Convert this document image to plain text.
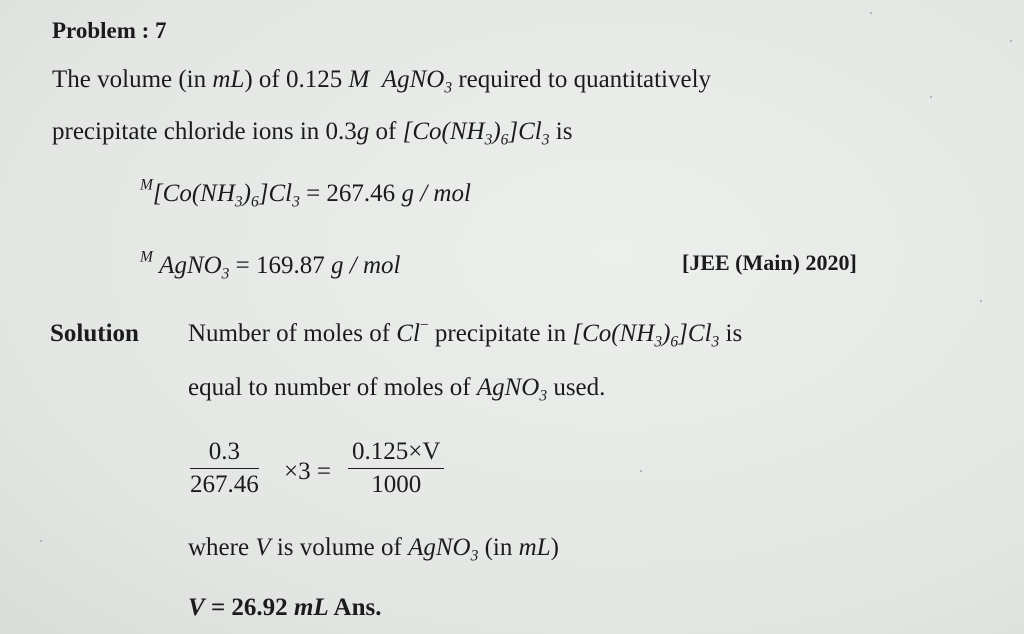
Problem : 7
The volume (in mL) of 0.125 M AgNO$_3$ required to quantitatively
precipitate chloride ions in 0.3g of $[Co(NH_3)_6]Cl_3$ is
$^M[Co(NH_3)_6]Cl_3 = 267.46$ g / mol
$^M$ AgNO$_3$ = 169.87 g / mol	[JEE (Main) 2020]
Solution Number of moles of Cl− precipitate in $[Co(NH_3)_6]Cl_3$ is
equal to number of moles of AgNO$_3$ used.
$\frac{0.3}{267.46} \times 3 = \frac{0.125\times V}{1000}$
where V is volume of AgNO$_3$ (in mL)
V = 26.92 mL Ans.
